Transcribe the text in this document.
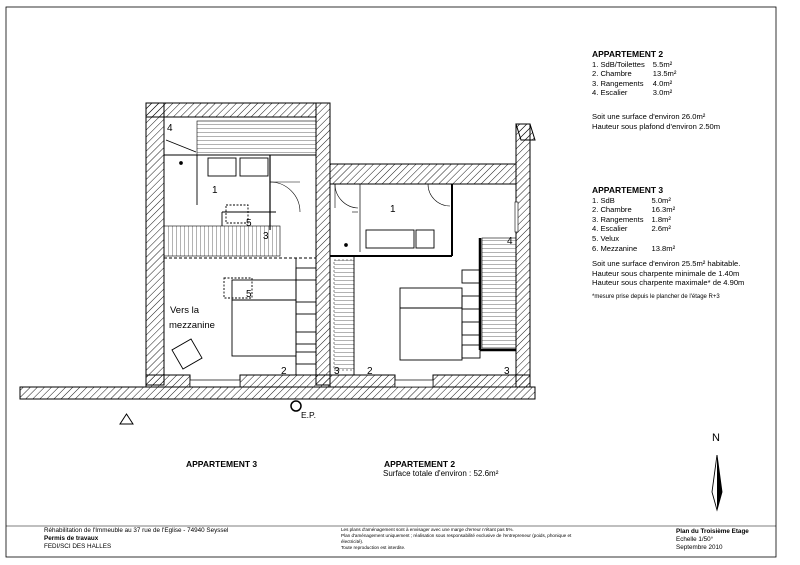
4
1
5
3
5
Vers la
mezzanine
2
1
4
3	2	3
E.P.
APPARTEMENT 3	APPARTEMENT 2
Surface totale d'environ : 52.6m²
N
APPARTEMENT 2
1. SdB/Toilettes	5.5m²
2. Chambre	13.5m²
3. Rangements	4.0m²
4. Escalier	3.0m²
Soit une surface d'environ 26.0m²
Hauteur sous plafond d'environ 2.50m
APPARTEMENT 3
1. SdB	5.0m²
2. Chambre	16.3m²
3. Rangements	1.8m²
4. Escalier	2.6m²
5. Velux	
6. Mezzanine	13.8m²
Soit une surface d'environ 25.5m² habitable.
Hauteur sous charpente minimale de 1.40m
Hauteur sous charpente maximale* de 4.90m
*mesure prise depuis le plancher de l'étage R+3
Réhabilitation de l'Immeuble au 37 rue de l'Eglise - 74940 Seyssel
Permis de travaux
FEDI/SCI DES HALLES
Les plans d'aménagement sont à envisager avec une marge d'erreur n'étant pas 5%.
Plan d'aménagement uniquement ; réalisation sous responsabilité exclusive de l'entrepreneur (poids, phonique et
électricité).
Toute reproduction est interdite.
Plan du Troisième Etage
Echelle 1/50°
Septembre 2010
